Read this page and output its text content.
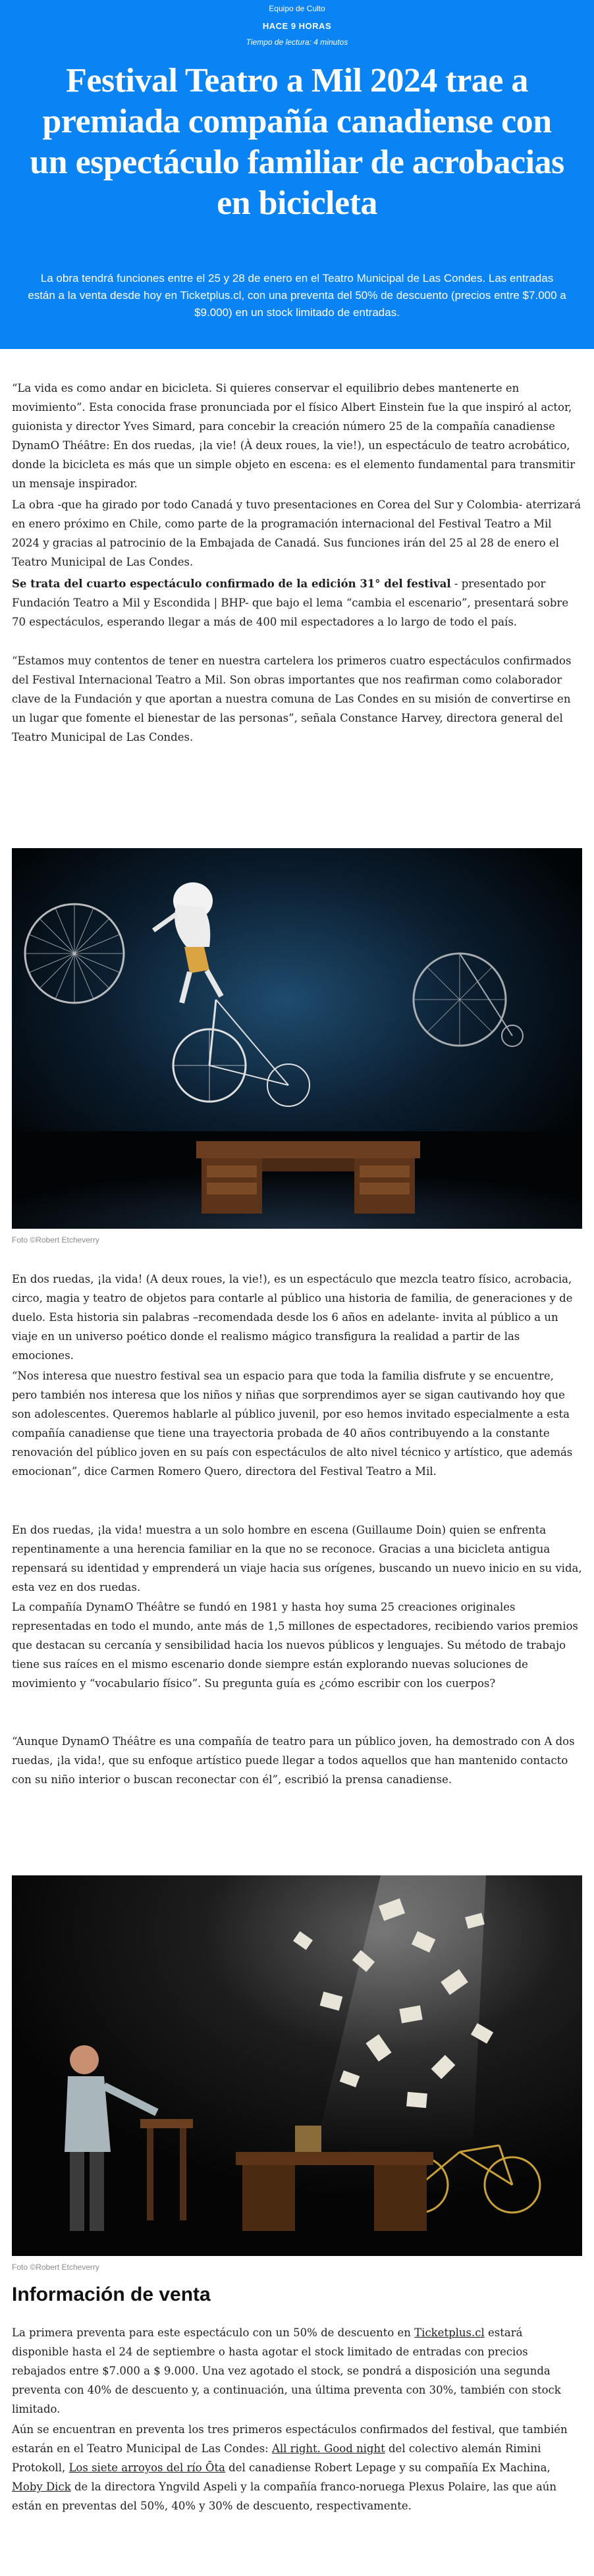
Equipo de Culto
HACE 9 HORAS
Tiempo de lectura: 4 minutos
Festival Teatro a Mil 2024 trae a premiada compañía canadiense con un espectáculo familiar de acrobacias en bicicleta

La obra tendrá funciones entre el 25 y 28 de enero en el Teatro Municipal de Las Condes. Las entradas están a la venta desde hoy en Ticketplus.cl, con una preventa del 50% de descuento (precios entre $7.000 a $9.000) en un stock limitado de entradas.

“La vida es como andar en bicicleta. Si quieres conservar el equilibrio debes mantenerte en movimiento”. Esta conocida frase pronunciada por el físico Albert Einstein fue la que inspiró al actor, guionista y director Yves Simard, para concebir la creación número 25 de la compañía canadiense DynamO Théâtre: En dos ruedas, ¡la vie! (À deux roues, la vie!), un espectáculo de teatro acrobático, donde la bicicleta es más que un simple objeto en escena: es el elemento fundamental para transmitir un mensaje inspirador.

La obra -que ha girado por todo Canadá y tuvo presentaciones en Corea del Sur y Colombia- aterrizará en enero próximo en Chile, como parte de la programación internacional del Festival Teatro a Mil 2024 y gracias al patrocinio de la Embajada de Canadá. Sus funciones irán del 25 al 28 de enero el Teatro Municipal de Las Condes.

Se trata del cuarto espectáculo confirmado de la edición 31° del festival - presentado por Fundación Teatro a Mil y Escondida | BHP- que bajo el lema “cambia el escenario”, presentará sobre 70 espectáculos, esperando llegar a más de 400 mil espectadores a lo largo de todo el país.

“Estamos muy contentos de tener en nuestra cartelera los primeros cuatro espectáculos confirmados del Festival Internacional Teatro a Mil. Son obras importantes que nos reafirman como colaborador clave de la Fundación y que aportan a nuestra comuna de Las Condes en su misión de convertirse en un lugar que fomente el bienestar de las personas”, señala Constance Harvey, directora general del Teatro Municipal de Las Condes.

Foto ©Robert Etcheverry

En dos ruedas, ¡la vida! (A deux roues, la vie!), es un espectáculo que mezcla teatro físico, acrobacia, circo, magia y teatro de objetos para contarle al público una historia de familia, de generaciones y de duelo. Esta historia sin palabras –recomendada desde los 6 años en adelante- invita al público a un viaje en un universo poético donde el realismo mágico transfigura la realidad a partir de las emociones.

“Nos interesa que nuestro festival sea un espacio para que toda la familia disfrute y se encuentre, pero también nos interesa que los niños y niñas que sorprendimos ayer se sigan cautivando hoy que son adolescentes. Queremos hablarle al público juvenil, por eso hemos invitado especialmente a esta compañía canadiense que tiene una trayectoria probada de 40 años contribuyendo a la constante renovación del público joven en su país con espectáculos de alto nivel técnico y artístico, que además emocionan”, dice Carmen Romero Quero, directora del Festival Teatro a Mil.

En dos ruedas, ¡la vida! muestra a un solo hombre en escena (Guillaume Doin) quien se enfrenta repentinamente a una herencia familiar en la que no se reconoce. Gracias a una bicicleta antigua repensará su identidad y emprenderá un viaje hacia sus orígenes, buscando un nuevo inicio en su vida, esta vez en dos ruedas.

La compañía DynamO Théâtre se fundó en 1981 y hasta hoy suma 25 creaciones originales representadas en todo el mundo, ante más de 1,5 millones de espectadores, recibiendo varios premios que destacan su cercanía y sensibilidad hacia los nuevos públicos y lenguajes. Su método de trabajo tiene sus raíces en el mismo escenario donde siempre están explorando nuevas soluciones de movimiento y “vocabulario físico”. Su pregunta guía es ¿cómo escribir con los cuerpos?

“Aunque DynamO Théâtre es una compañía de teatro para un público joven, ha demostrado con A dos ruedas, ¡la vida!, que su enfoque artístico puede llegar a todos aquellos que han mantenido contacto con su niño interior o buscan reconectar con él”, escribió la prensa canadiense.

Foto ©Robert Etcheverry
Información de venta

La primera preventa para este espectáculo con un 50% de descuento en Ticketplus.cl estará disponible hasta el 24 de septiembre o hasta agotar el stock limitado de entradas con precios rebajados entre $7.000 a $ 9.000. Una vez agotado el stock, se pondrá a disposición una segunda preventa con 40% de descuento y, a continuación, una última preventa con 30%, también con stock limitado.

Aún se encuentran en preventa los tres primeros espectáculos confirmados del festival, que también estarán en el Teatro Municipal de Las Condes: All right. Good night del colectivo alemán Rimini Protokoll, Los siete arroyos del río Ōta del canadiense Robert Lepage y su compañía Ex Machina, Moby Dick de la directora Yngvild Aspeli y la compañía franco-noruega Plexus Polaire, las que aún están en preventas del 50%, 40% y 30% de descuento, respectivamente.
